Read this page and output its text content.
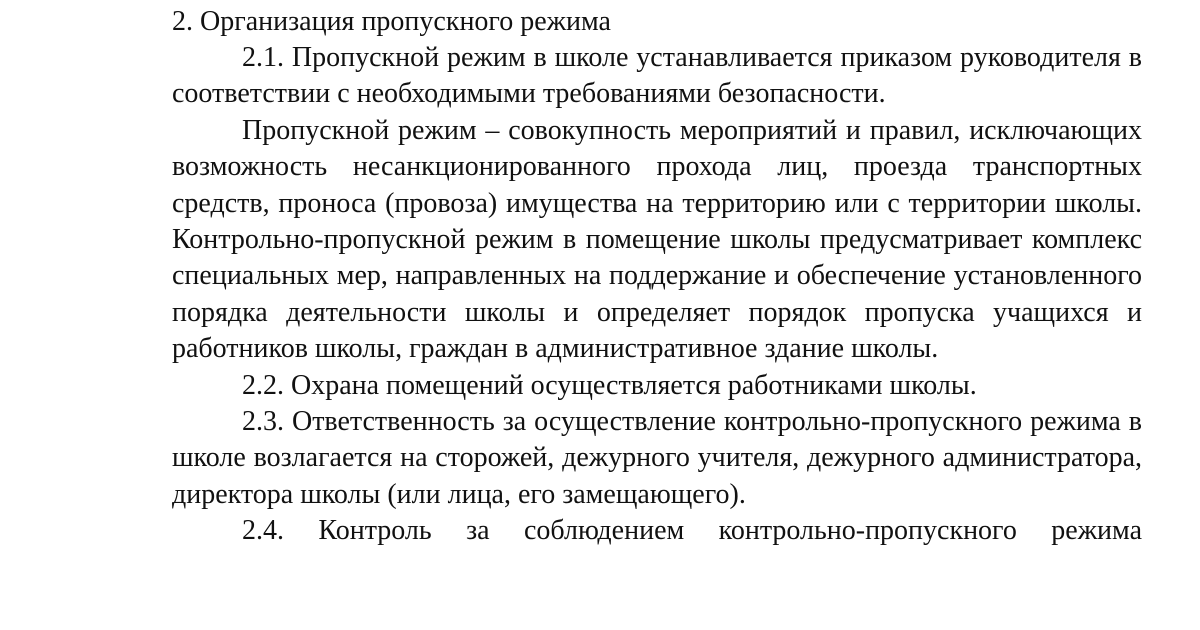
2. Организация пропускного режима

2.1. Пропускной режим в школе устанавливается приказом руководителя в соответствии с необходимыми требованиями безопасности.

Пропускной режим – совокупность мероприятий и правил, исключающих возможность несанкционированного прохода лиц, проезда транспортных средств, проноса (провоза) имущества на территорию или с территории школы. Контрольно-пропускной режим в помещение школы предусматривает комплекс специальных мер, направленных на поддержание и обеспечение установленного порядка деятельности школы и определяет порядок пропуска учащихся и работников школы, граждан в административное здание школы.

2.2. Охрана помещений осуществляется работниками школы.

2.3. Ответственность за осуществление контрольно-пропускного режима в школе возлагается на сторожей, дежурного учителя, дежурного администратора, директора школы (или лица, его замещающего).

2.4. Контроль за соблюдением контрольно-пропускного режима
